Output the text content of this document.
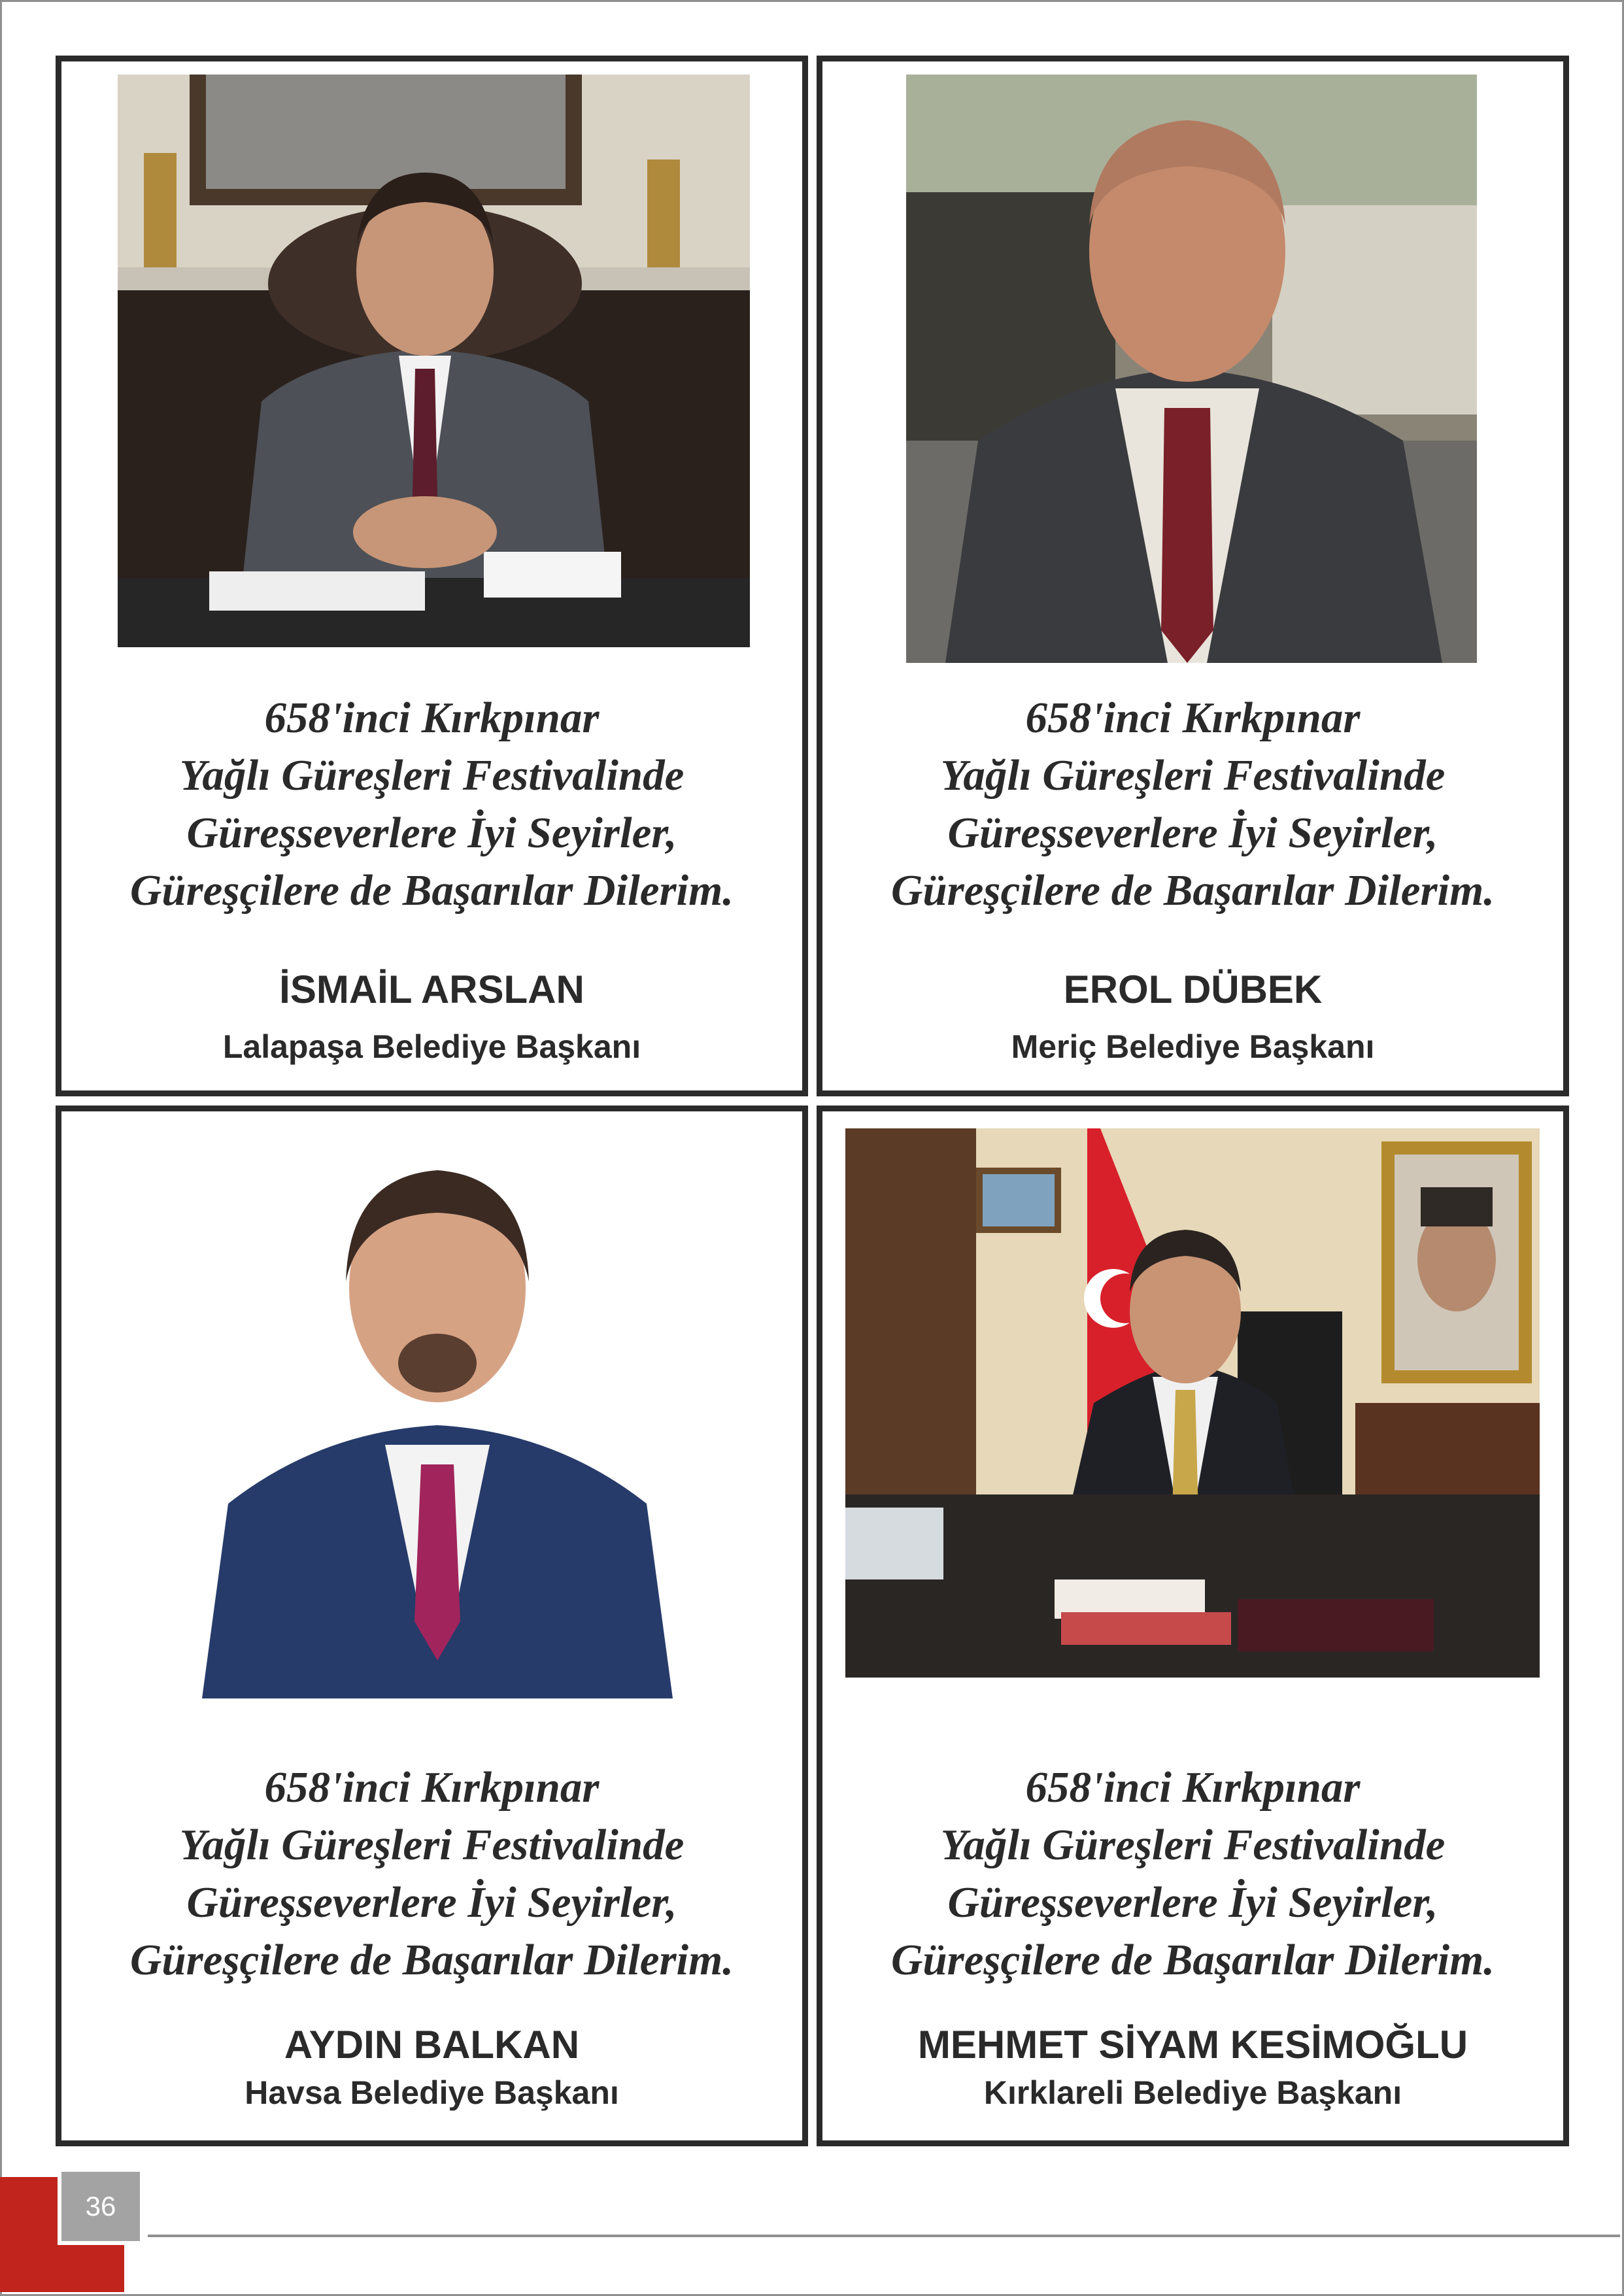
658'inci Kırkpınar
Yağlı Güreşleri Festivalinde
Güreşseverlere İyi Seyirler,
Güreşçilere de Başarılar Dilerim.
İSMAİL ARSLAN
Lalapaşa Belediye Başkanı
658'inci Kırkpınar
Yağlı Güreşleri Festivalinde
Güreşseverlere İyi Seyirler,
Güreşçilere de Başarılar Dilerim.
EROL DÜBEK
Meriç Belediye Başkanı
658'inci Kırkpınar
Yağlı Güreşleri Festivalinde
Güreşseverlere İyi Seyirler,
Güreşçilere de Başarılar Dilerim.
AYDIN BALKAN
Havsa Belediye Başkanı
658'inci Kırkpınar
Yağlı Güreşleri Festivalinde
Güreşseverlere İyi Seyirler,
Güreşçilere de Başarılar Dilerim.
MEHMET SİYAM KESİMOĞLU
Kırklareli Belediye Başkanı
36
